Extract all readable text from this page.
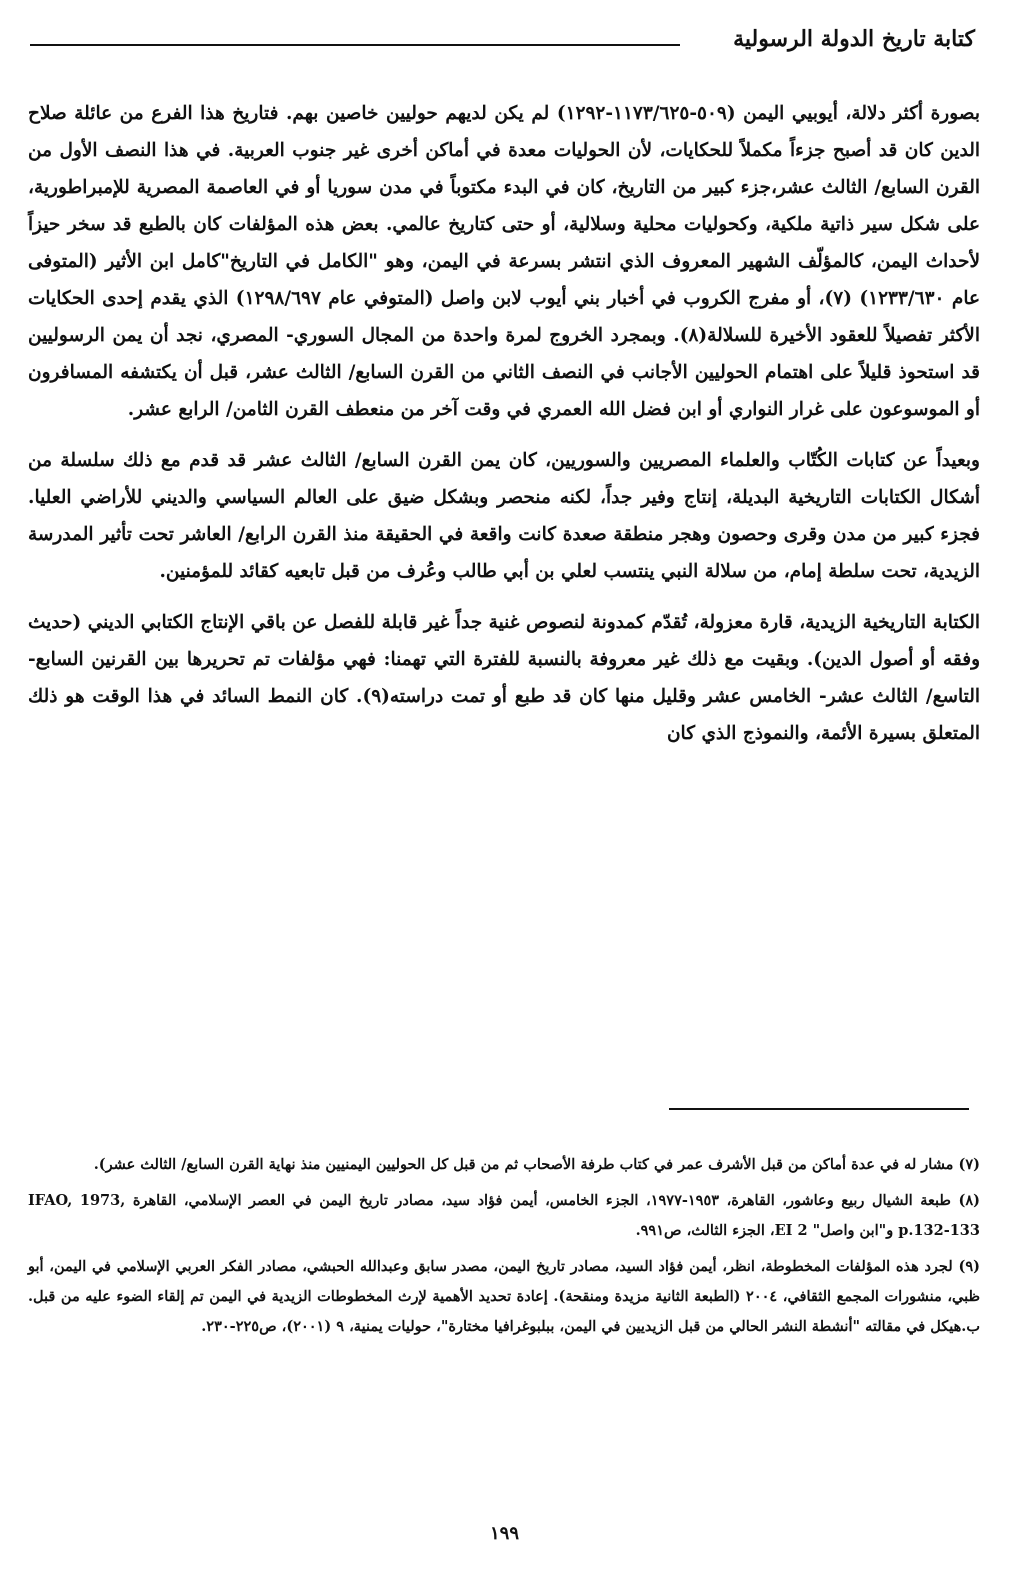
كتابة تاريخ الدولة الرسولية

بصورة أكثر دلالة، أيوبيي اليمن (٥٠٩-١١٧٣/٦٢٥-١٢٩٢) لم يكن لديهم حوليين خاصين بهم. فتاريخ هذا الفرع من عائلة صلاح الدين كان قد أصبح جزءاً مكملاً للحكايات، لأن الحوليات معدة في أماكن أخرى غير جنوب العربية. في هذا النصف الأول من القرن السابع/ الثالث عشر،جزء كبير من التاريخ، كان في البدء مكتوباً في مدن سوريا أو في العاصمة المصرية للإمبراطورية، على شكل سير ذاتية ملكية، وكحوليات محلية وسلالية، أو حتى كتاريخ عالمي. بعض هذه المؤلفات كان بالطبع قد سخر حيزاً لأحداث اليمن، كالمؤلّف الشهير المعروف الذي انتشر بسرعة في اليمن، وهو "الكامل في التاريخ"كامل ابن الأثير (المتوفى عام ١٢٣٣/٦٣٠) (٧)، أو مفرج الكروب في أخبار بني أيوب لابن واصل (المتوفي عام ١٢٩٨/٦٩٧) الذي يقدم إحدى الحكايات الأكثر تفصيلاً للعقود الأخيرة للسلالة(٨). وبمجرد الخروج لمرة واحدة من المجال السوري- المصري، نجد أن يمن الرسوليين قد استحوذ قليلاً على اهتمام الحوليين الأجانب في النصف الثاني من القرن السابع/ الثالث عشر، قبل أن يكتشفه المسافرون أو الموسوعون على غرار النواري أو ابن فضل الله العمري في وقت آخر من منعطف القرن الثامن/ الرابع عشر.

وبعيداً عن كتابات الكُتّاب والعلماء المصريين والسوريين، كان يمن القرن السابع/ الثالث عشر قد قدم مع ذلك سلسلة من أشكال الكتابات التاريخية البديلة، إنتاج وفير جداً، لكنه منحصر وبشكل ضيق على العالم السياسي والديني للأراضي العليا. فجزء كبير من مدن وقرى وحصون وهجر منطقة صعدة كانت واقعة في الحقيقة منذ القرن الرابع/ العاشر تحت تأثير المدرسة الزيدية، تحت سلطة إمام، من سلالة النبي ينتسب لعلي بن أبي طالب وعُرف من قبل تابعيه كقائد للمؤمنين.

الكتابة التاريخية الزيدية، قارة معزولة، تُقدّم كمدونة لنصوص غنية جداً غير قابلة للفصل عن باقي الإنتاج الكتابي الديني (حديث وفقه أو أصول الدين). وبقيت مع ذلك غير معروفة بالنسبة للفترة التي تهمنا: فهي مؤلفات تم تحريرها بين القرنين السابع- التاسع/ الثالث عشر- الخامس عشر وقليل منها كان قد طبع أو تمت دراسته(٩). كان النمط السائد في هذا الوقت هو ذلك المتعلق بسيرة الأئمة، والنموذج الذي كان

(٧) مشار له في عدة أماكن من قبل الأشرف عمر في كتاب طرفة الأصحاب ثم من قبل كل الحوليين اليمنيين منذ نهاية القرن السابع/ الثالث عشر).

(٨) طبعة الشيال ربيع وعاشور، القاهرة، ١٩٥٣-١٩٧٧، الجزء الخامس، أيمن فؤاد سيد، مصادر تاريخ اليمن في العصر الإسلامي، القاهرة IFAO, 1973, p.132-133 و"ابن واصل" EI 2، الجزء الثالث، ص٩٩١.

(٩) لجرد هذه المؤلفات المخطوطة، انظر، أيمن فؤاد السيد، مصادر تاريخ اليمن، مصدر سابق وعبدالله الحبشي، مصادر الفكر العربي الإسلامي في اليمن، أبو ظبي، منشورات المجمع الثقافي، ٢٠٠٤ (الطبعة الثانية مزيدة ومنقحة). إعادة تحديد الأهمية لإرث المخطوطات الزيدية في اليمن تم إلقاء الضوء عليه من قبل. ب.هيكل في مقالته "أنشطة النشر الحالي من قبل الزيديين في اليمن، ببلبوغرافيا مختارة"، حوليات يمنية، ٩ (٢٠٠١)، ص٢٢٥-٢٣٠.

١٩٩
